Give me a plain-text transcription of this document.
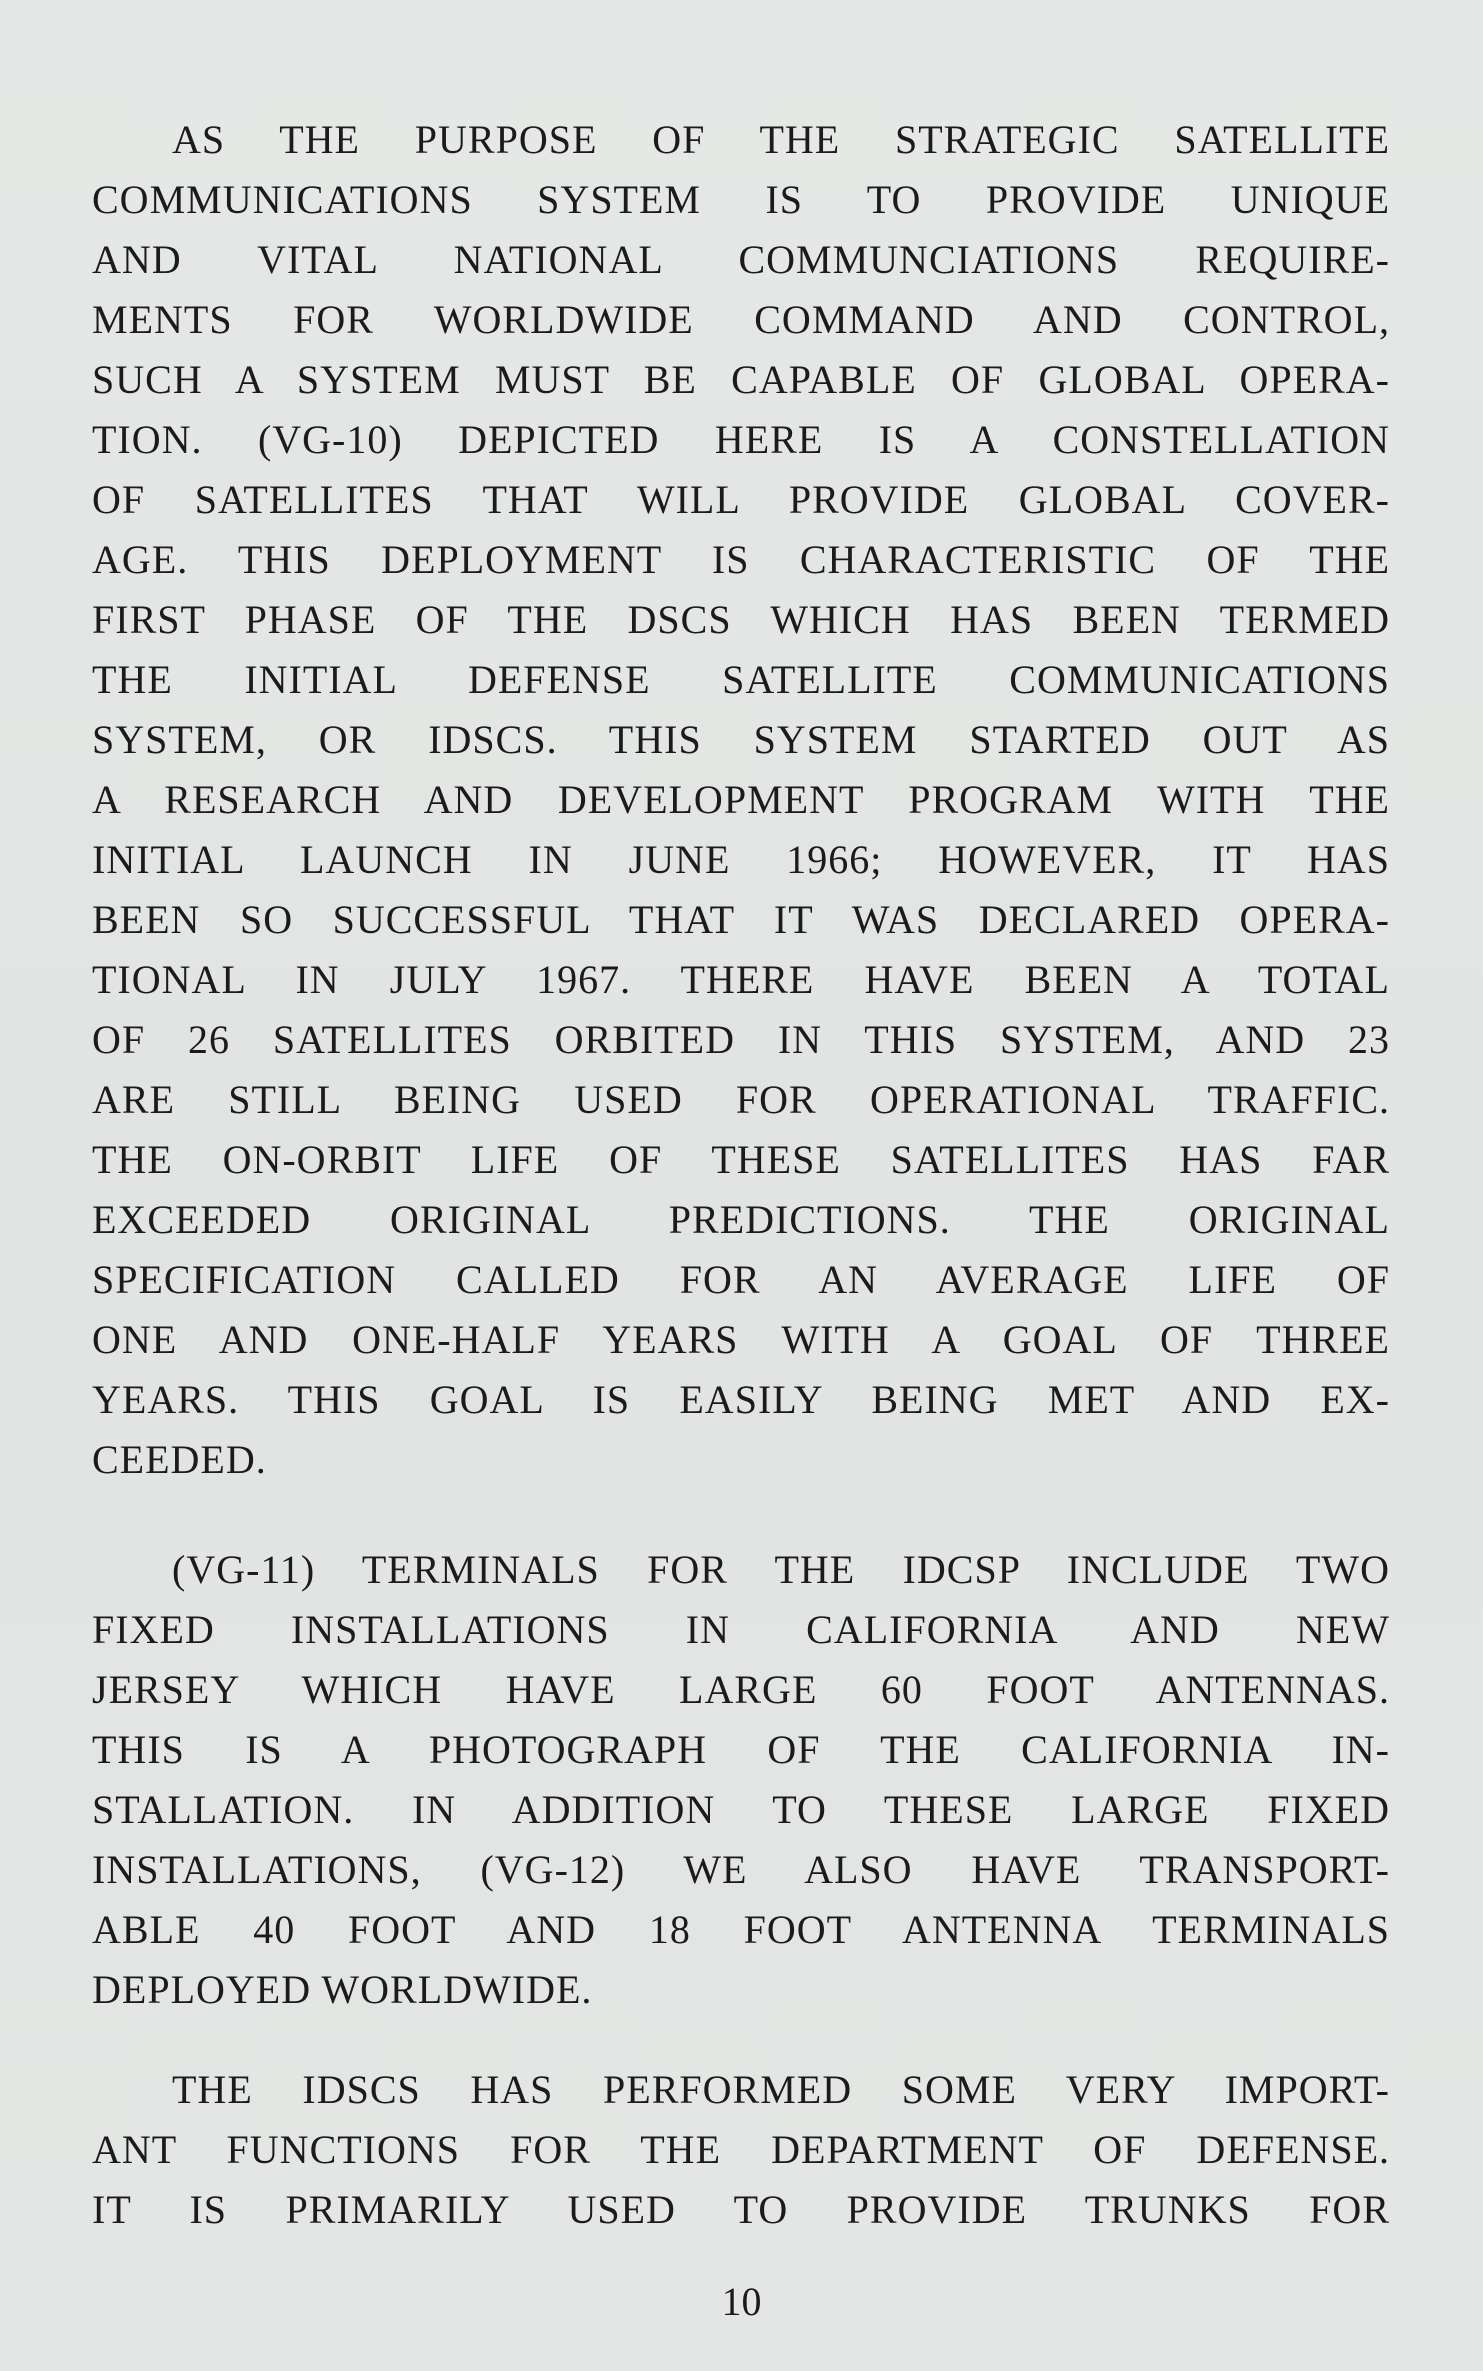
AS THE PURPOSE OF THE STRATEGIC SATELLITE
COMMUNICATIONS SYSTEM IS TO PROVIDE UNIQUE
AND VITAL NATIONAL COMMUNCIATIONS REQUIRE-
MENTS FOR WORLDWIDE COMMAND AND CONTROL,
SUCH A SYSTEM MUST BE CAPABLE OF GLOBAL OPERA-
TION. (VG-10) DEPICTED HERE IS A CONSTELLATION
OF SATELLITES THAT WILL PROVIDE GLOBAL COVER-
AGE. THIS DEPLOYMENT IS CHARACTERISTIC OF THE
FIRST PHASE OF THE DSCS WHICH HAS BEEN TERMED
THE INITIAL DEFENSE SATELLITE COMMUNICATIONS
SYSTEM, OR IDSCS. THIS SYSTEM STARTED OUT AS
A RESEARCH AND DEVELOPMENT PROGRAM WITH THE
INITIAL LAUNCH IN JUNE 1966; HOWEVER, IT HAS
BEEN SO SUCCESSFUL THAT IT WAS DECLARED OPERA-
TIONAL IN JULY 1967. THERE HAVE BEEN A TOTAL
OF 26 SATELLITES ORBITED IN THIS SYSTEM, AND 23
ARE STILL BEING USED FOR OPERATIONAL TRAFFIC.
THE ON-ORBIT LIFE OF THESE SATELLITES HAS FAR
EXCEEDED ORIGINAL PREDICTIONS. THE ORIGINAL
SPECIFICATION CALLED FOR AN AVERAGE LIFE OF
ONE AND ONE-HALF YEARS WITH A GOAL OF THREE
YEARS. THIS GOAL IS EASILY BEING MET AND EX-
CEEDED.
(VG-11) TERMINALS FOR THE IDCSP INCLUDE TWO
FIXED INSTALLATIONS IN CALIFORNIA AND NEW
JERSEY WHICH HAVE LARGE 60 FOOT ANTENNAS.
THIS IS A PHOTOGRAPH OF THE CALIFORNIA IN-
STALLATION. IN ADDITION TO THESE LARGE FIXED
INSTALLATIONS, (VG-12) WE ALSO HAVE TRANSPORT-
ABLE 40 FOOT AND 18 FOOT ANTENNA TERMINALS
DEPLOYED WORLDWIDE.
THE IDSCS HAS PERFORMED SOME VERY IMPORT-
ANT FUNCTIONS FOR THE DEPARTMENT OF DEFENSE.
IT IS PRIMARILY USED TO PROVIDE TRUNKS FOR
10
